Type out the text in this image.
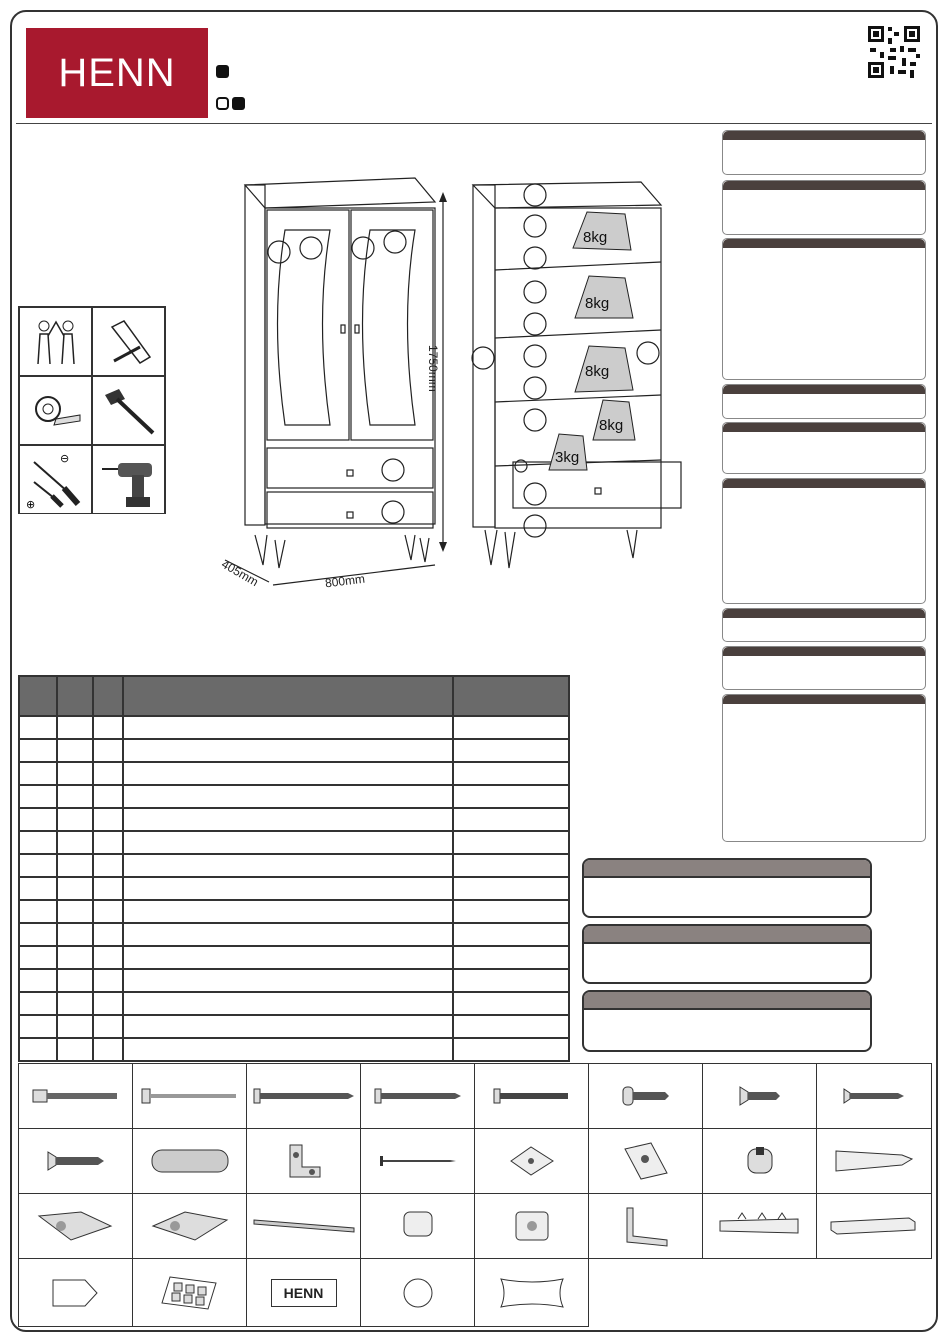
HENN
⊖
⊕
1750mm
800mm
405mm
8kg
8kg
8kg
8kg
3kg

HENN
